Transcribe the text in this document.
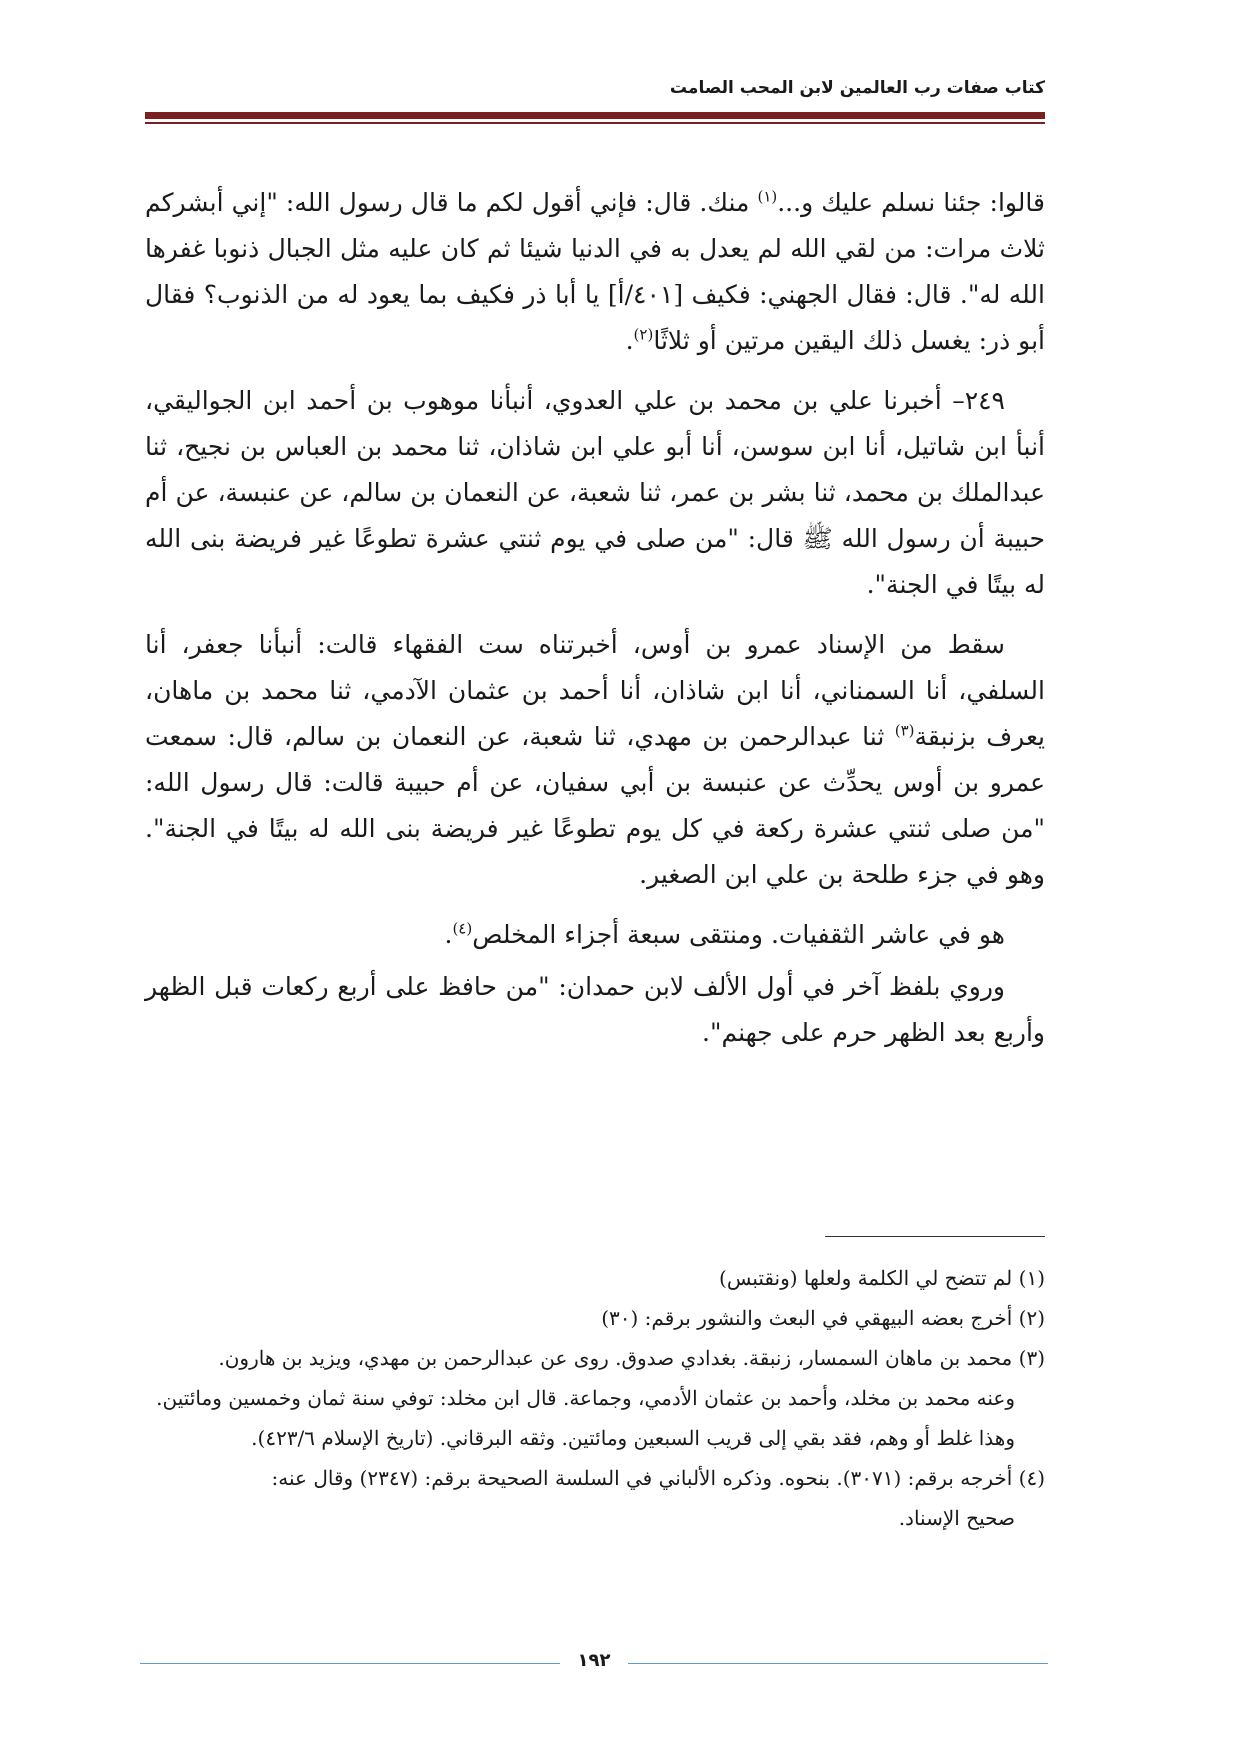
كتاب صفات رب العالمين لابن المحب الصامت

قالوا: جئنا نسلم عليك و...$^{(١)}$ منك. قال: فإني أقول لكم ما قال رسول الله: "إني أبشركم ثلاث مرات: من لقي الله لم يعدل به في الدنيا شيئا ثم كان عليه مثل الجبال ذنوبا غفرها الله له". قال: فقال الجهني: فكيف [٤٠١/أ] يا أبا ذر فكيف بما يعود له من الذنوب؟ فقال أبو ذر: يغسل ذلك اليقين مرتين أو ثلاثًا$^{(٢)}$.

٢٤٩– أخبرنا علي بن محمد بن علي العدوي، أنبأنا موهوب بن أحمد ابن الجواليقي، أنبأ ابن شاتيل، أنا ابن سوسن، أنا أبو علي ابن شاذان، ثنا محمد بن العباس بن نجيح، ثنا عبدالملك بن محمد، ثنا بشر بن عمر، ثنا شعبة، عن النعمان بن سالم، عن عنبسة، عن أم حبيبة أن رسول الله ﷺ قال: "من صلى في يوم ثنتي عشرة تطوعًا غير فريضة بنى الله له بيتًا في الجنة".

سقط من الإسناد عمرو بن أوس، أخبرتناه ست الفقهاء قالت: أنبأنا جعفر، أنا السلفي، أنا السمناني، أنا ابن شاذان، أنا أحمد بن عثمان الآدمي، ثنا محمد بن ماهان، يعرف بزنبقة$^{(٣)}$ ثنا عبدالرحمن بن مهدي، ثنا شعبة، عن النعمان بن سالم، قال: سمعت عمرو بن أوس يحدِّث عن عنبسة بن أبي سفيان، عن أم حبيبة قالت: قال رسول الله: "من صلى ثنتي عشرة ركعة في كل يوم تطوعًا غير فريضة بنى الله له بيتًا في الجنة". وهو في جزء طلحة بن علي ابن الصغير.

هو في عاشر الثقفيات. ومنتقى سبعة أجزاء المخلص$^{(٤)}$.

وروي بلفظ آخر في أول الألف لابن حمدان: "من حافظ على أربع ركعات قبل الظهر وأربع بعد الظهر حرم على جهنم".

(١) لم تتضح لي الكلمة ولعلها (ونقتبس)

(٢) أخرج بعضه البيهقي في البعث والنشور برقم: (٣٠)

(٣) محمد بن ماهان السمسار، زنبقة. بغدادي صدوق. روى عن عبدالرحمن بن مهدي، ويزيد بن هارون.

وعنه محمد بن مخلد، وأحمد بن عثمان الأدمي، وجماعة. قال ابن مخلد: توفي سنة ثمان وخمسين ومائتين.

وهذا غلط أو وهم، فقد بقي إلى قريب السبعين ومائتين. وثقه البرقاني. (تاريخ الإسلام ٤٢٣/٦).

(٤) أخرجه برقم: (٣٠٧١). بنحوه. وذكره الألباني في السلسة الصحيحة برقم: (٢٣٤٧) وقال عنه:

صحيح الإسناد.

١٩٢
